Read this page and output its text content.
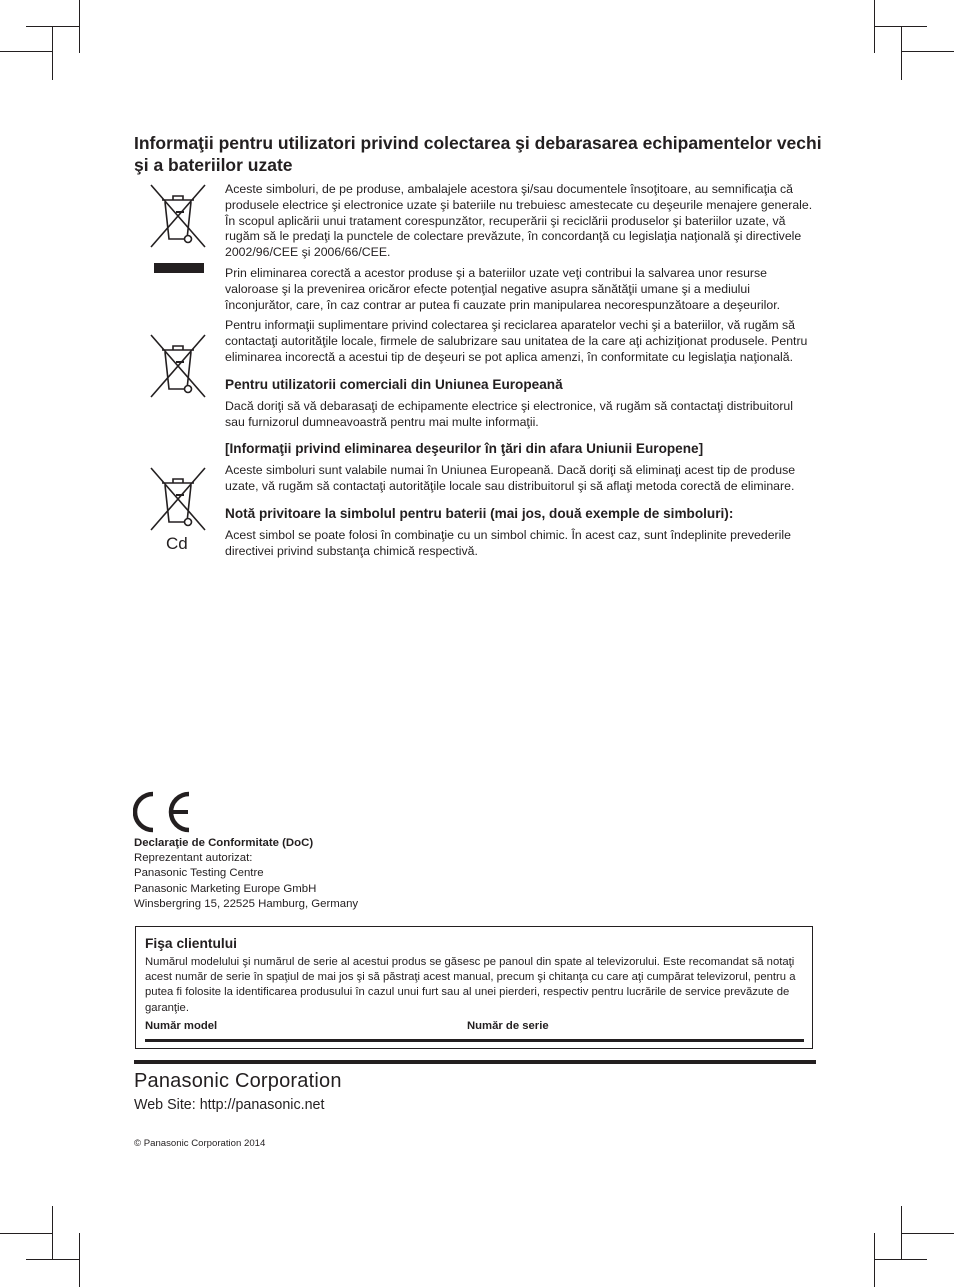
Informaţii pentru utilizatori privind colectarea şi debarasarea echipamentelor vechi şi a bateriilor uzate
Cd

Aceste simboluri, de pe produse, ambalajele acestora şi/sau documentele însoţitoare, au semnificaţia că produsele electrice şi electronice uzate şi bateriile nu trebuiesc amestecate cu deşeurile menajere generale.

În scopul aplicării unui tratament corespunzător, recuperării şi reciclării produselor şi bateriilor uzate, vă rugăm să le predaţi la punctele de colectare prevăzute, în concordanţă cu legislaţia naţională şi directivele 2002/96/CEE şi 2006/66/CEE.

Prin eliminarea corectă a acestor produse şi a bateriilor uzate veţi contribui la salvarea unor resurse valoroase şi la prevenirea oricăror efecte potenţial negative asupra sănătăţii umane şi a mediului înconjurător, care, în caz contrar ar putea fi cauzate prin manipularea necorespunzătoare a deşeurilor.

Pentru informaţii suplimentare privind colectarea şi reciclarea aparatelor vechi şi a bateriilor, vă rugăm să contactaţi autorităţile locale, firmele de salubrizare sau unitatea de la care aţi achiziţionat produsele. Pentru eliminarea incorectă a acestui tip de deşeuri se pot aplica amenzi, în conformitate cu legislaţia naţională.

Pentru utilizatorii comerciali din Uniunea Europeană

Dacă doriţi să vă debarasaţi de echipamente electrice şi electronice, vă rugăm să contactaţi distribuitorul sau furnizorul dumneavoastră pentru mai multe informaţii.

[Informaţii privind eliminarea deşeurilor în ţări din afara Uniunii Europene]

Aceste simboluri sunt valabile numai în Uniunea Europeană. Dacă doriţi să eliminaţi acest tip de produse uzate, vă rugăm să contactaţi autorităţile locale sau distribuitorul şi să aflaţi metoda corectă de eliminare.

Notă privitoare la simbolul pentru baterii (mai jos, două exemple de simboluri):

Acest simbol se poate folosi în combinaţie cu un simbol chimic. În acest caz, sunt îndeplinite prevederile directivei privind substanţa chimică respectivă.

Declaraţie de Conformitate (DoC)
Reprezentant autorizat:
Panasonic Testing Centre
Panasonic Marketing Europe GmbH
Winsbergring 15, 22525 Hamburg, Germany
Fişa clientului
Numărul modelului şi numărul de serie al acestui produs se găsesc pe panoul din spate al televizorului. Este recomandat să notaţi acest număr de serie în spaţiul de mai jos şi să păstraţi acest manual, precum şi chitanţa cu care aţi cumpărat televizorul, pentru a putea fi folosite la identificarea produsului în cazul unui furt sau al unei pierderi, respectiv pentru lucrările de service prevăzute de garanţie.
Număr model	Număr de serie
Panasonic Corporation
Web Site: http://panasonic.net
© Panasonic Corporation 2014
